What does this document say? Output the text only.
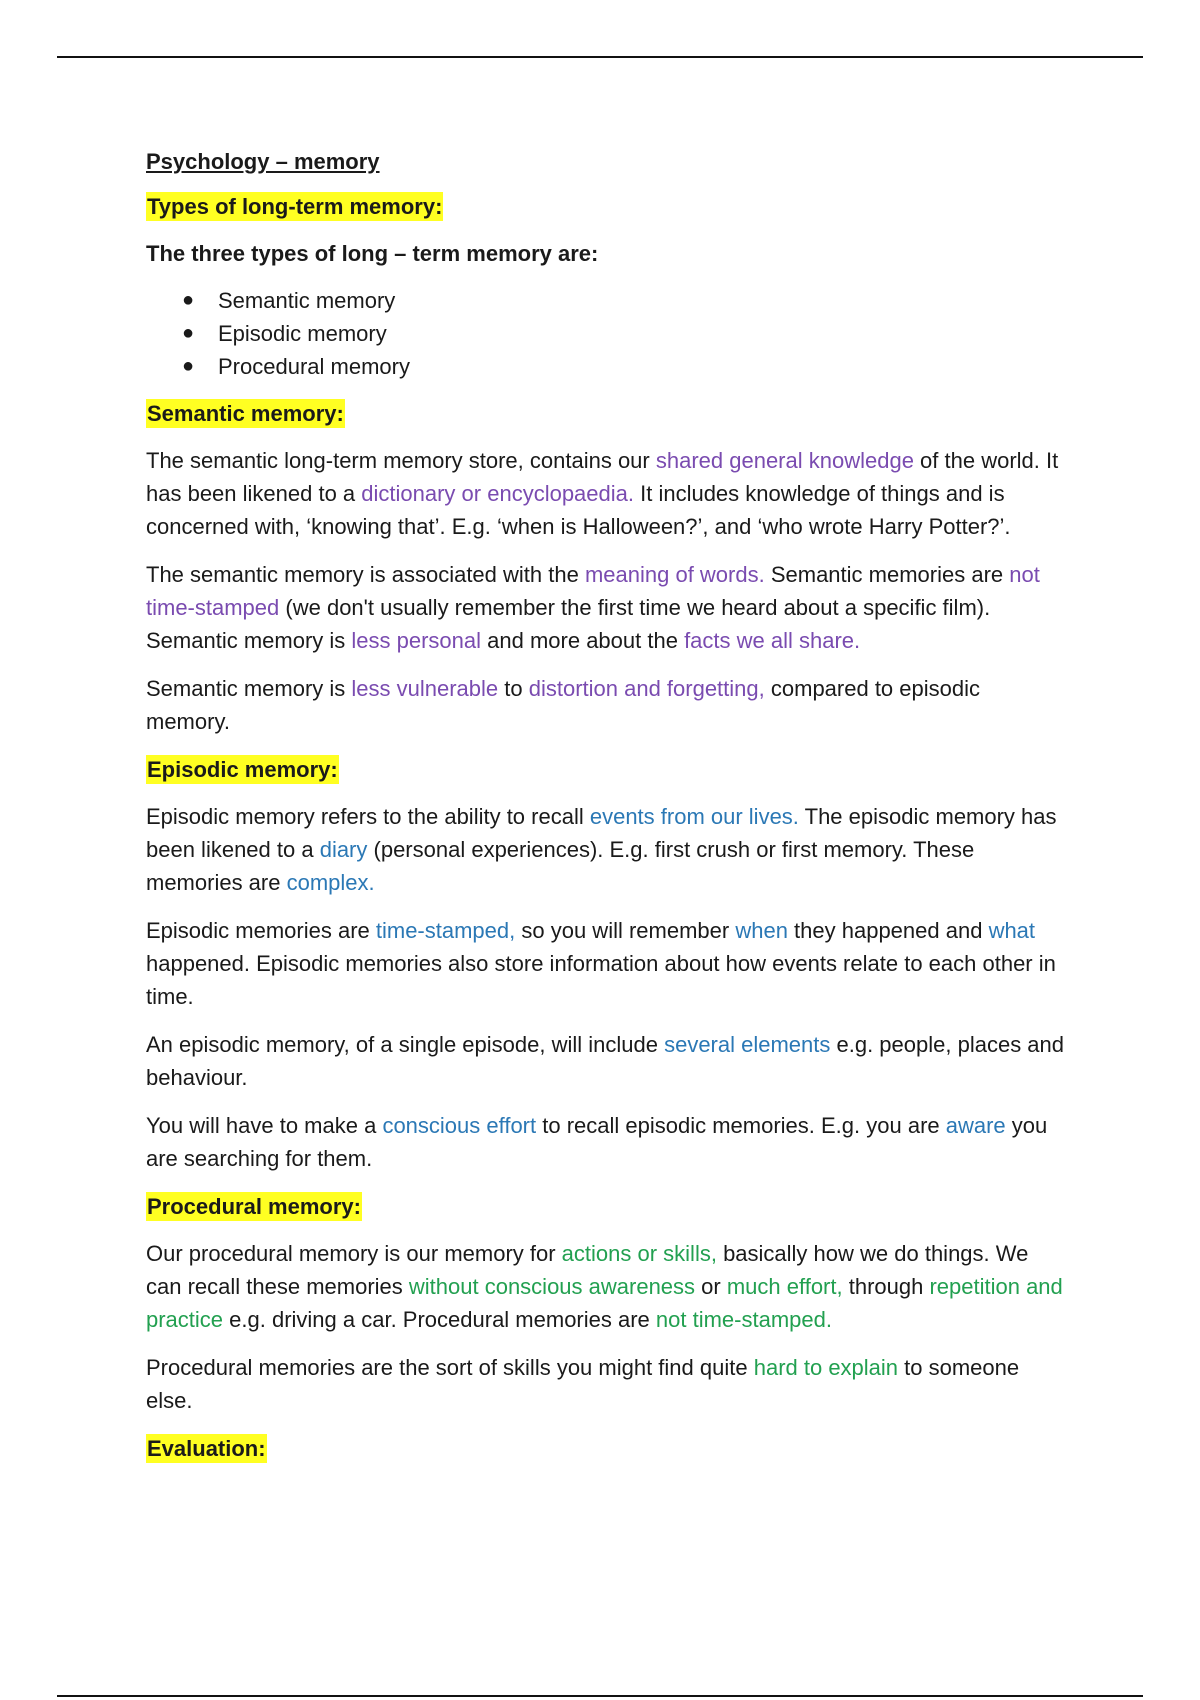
Psychology – memory
Types of long-term memory:
The three types of long – term memory are:
● Semantic memory
● Episodic memory
● Procedural memory
Semantic memory:

The semantic long-term memory store, contains our shared general knowledge of the world. It has been likened to a dictionary or encyclopaedia. It includes knowledge of things and is concerned with, ‘knowing that’. E.g. ‘when is Halloween?’, and ‘who wrote Harry Potter?’.

The semantic memory is associated with the meaning of words. Semantic memories are not time-stamped (we don't usually remember the first time we heard about a specific film). Semantic memory is less personal and more about the facts we all share.

Semantic memory is less vulnerable to distortion and forgetting, compared to episodic memory.

Episodic memory:

Episodic memory refers to the ability to recall events from our lives. The episodic memory has been likened to a diary (personal experiences). E.g. first crush or first memory. These memories are complex.

Episodic memories are time-stamped, so you will remember when they happened and what happened. Episodic memories also store information about how events relate to each other in time.

An episodic memory, of a single episode, will include several elements e.g. people, places and behaviour.

You will have to make a conscious effort to recall episodic memories. E.g. you are aware you are searching for them.

Procedural memory:

Our procedural memory is our memory for actions or skills, basically how we do things. We can recall these memories without conscious awareness or much effort, through repetition and practice e.g. driving a car. Procedural memories are not time-stamped.

Procedural memories are the sort of skills you might find quite hard to explain to someone else.

Evaluation:
